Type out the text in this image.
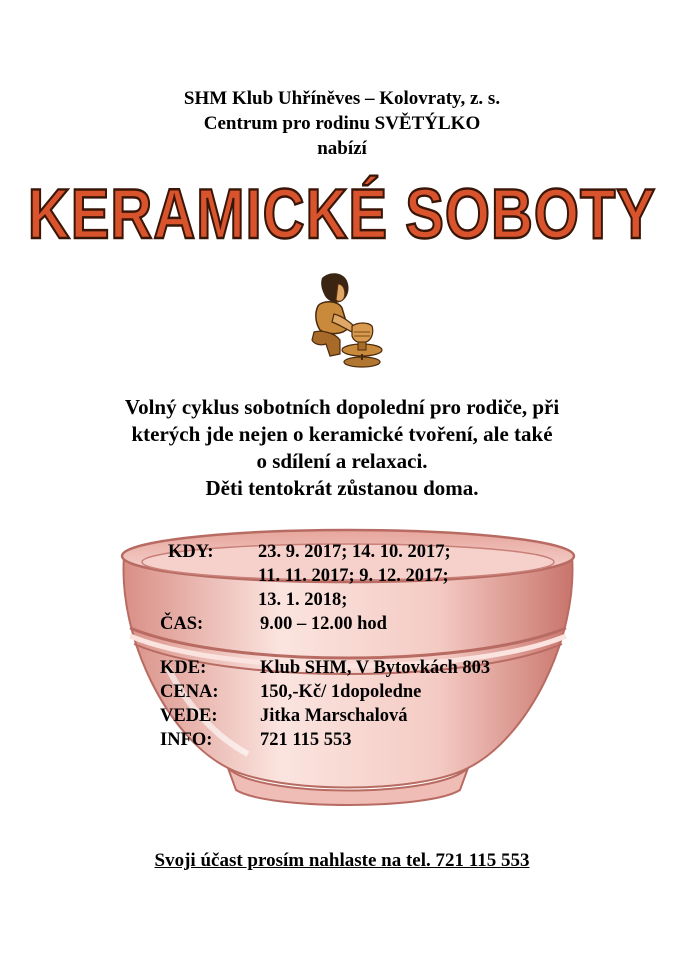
SHM Klub Uhříněves – Kolovraty, z. s.
Centrum pro rodinu SVĚTÝLKO
nabízí
KERAMICKÉ SOBOTY
Volný cyklus sobotních dopolední pro rodiče, při
kterých jde nejen o keramické tvoření, ale také
o sdílení a relaxaci.
Děti tentokrát zůstanou doma.
KDY: 23. 9. 2017; 14. 10. 2017;
11. 11. 2017; 9. 12. 2017;
13. 1. 2018;
ČAS:	9.00 – 12.00 hod
KDE:	Klub SHM, V Bytovkách 803
CENA: 150,-Kč/ 1dopoledne
VEDE: Jitka Marschalová
INFO:	721 115 553
Svoji účast prosím nahlaste na tel. 721 115 553
